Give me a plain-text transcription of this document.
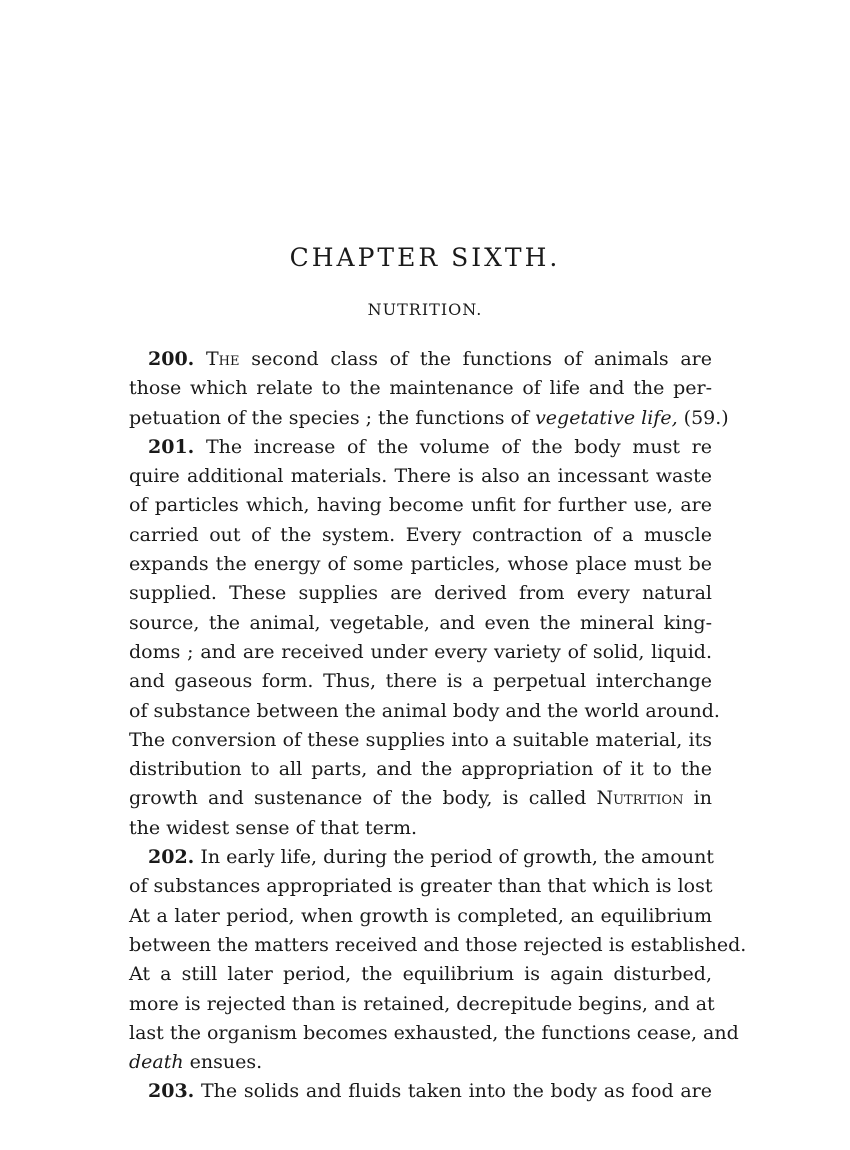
CHAPTER SIXTH.
NUTRITION.
200. The second class of the functions of animals are
those which relate to the maintenance of life and the per-
petuation of the species ; the functions of vegetative life, (59.)
201. The increase of the volume of the body must re
quire additional materials. There is also an incessant waste
of particles which, having become unfit for further use, are
carried out of the system. Every contraction of a muscle
expands the energy of some particles, whose place must be
supplied. These supplies are derived from every natural
source, the animal, vegetable, and even the mineral king-
doms ; and are received under every variety of solid, liquid.
and gaseous form. Thus, there is a perpetual interchange
of substance between the animal body and the world around.
The conversion of these supplies into a suitable material, its
distribution to all parts, and the appropriation of it to the
growth and sustenance of the body, is called Nutrition in
the widest sense of that term.
202. In early life, during the period of growth, the amount
of substances appropriated is greater than that which is lost
At a later period, when growth is completed, an equilibrium
between the matters received and those rejected is established.
At a still later period, the equilibrium is again disturbed,
more is rejected than is retained, decrepitude begins, and at
last the organism becomes exhausted, the functions cease, and
death ensues.
203. The solids and fluids taken into the body as food are
